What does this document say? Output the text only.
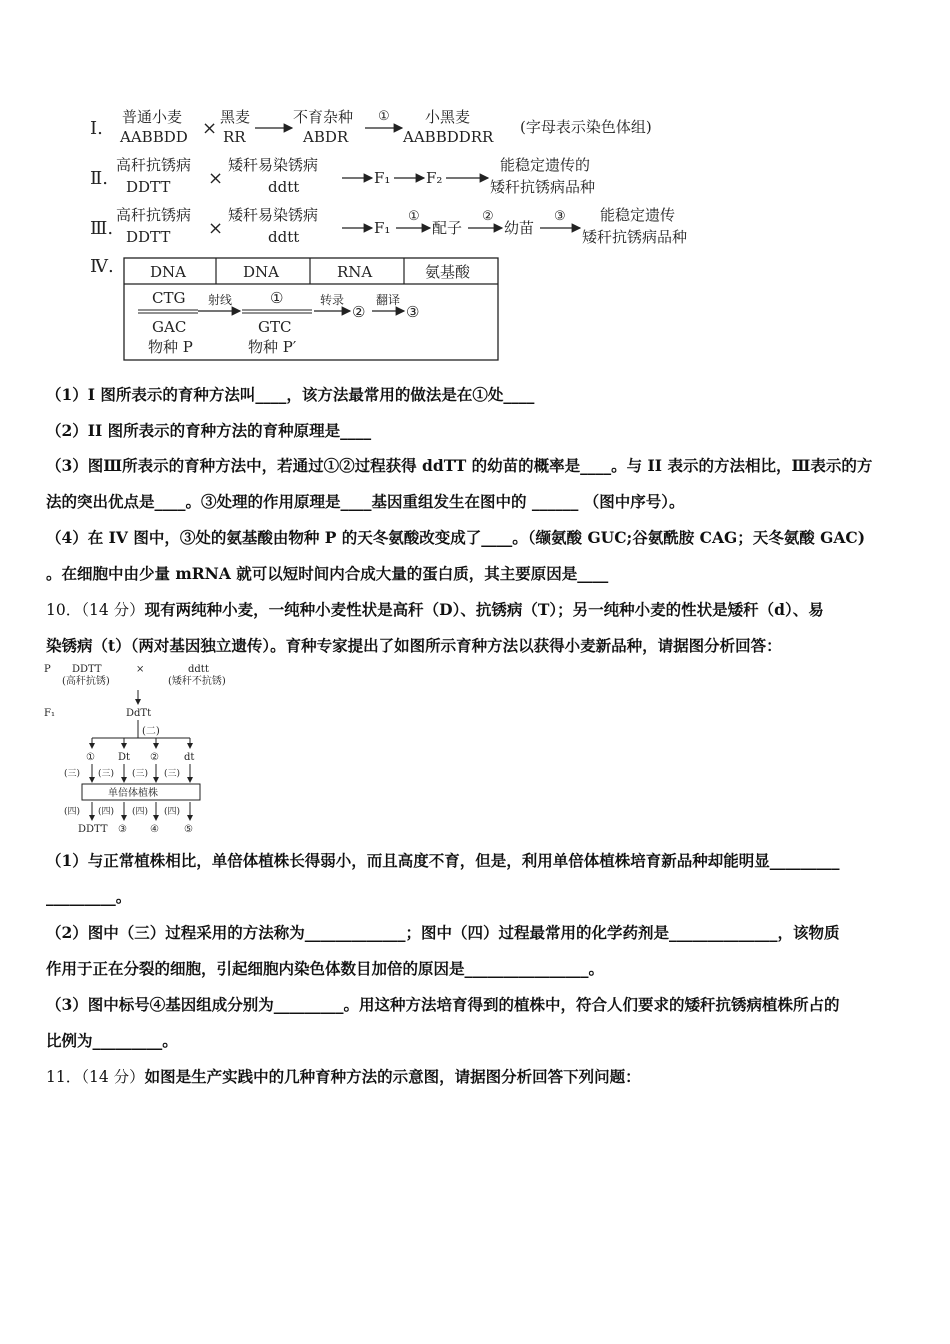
Ⅰ.
普通小麦
AABBDD ×
黑麦
RR
不育杂种
ABDR
① 小黑麦
AABBDDRR
(字母表示染色体组)
Ⅱ.
高秆抗锈病
DDTT ×
矮秆易染锈病
ddtt	F₁ F₂
能稳定遗传的
矮秆抗锈病品种
Ⅲ.
高秆抗锈病
DDTT ×
矮秆易染锈病
ddtt	F₁
①
配子
②
幼苗
③ 能稳定遗传
矮秆抗锈病品种
Ⅳ. DNA	DNA	RNA	氨基酸
CTG
GAC
物种 P
射线	①
GTC
物种 P′
转录
②
翻译
③
（1）I 图所表示的育种方法叫____，该方法最常用的做法是在①处____
（2）II 图所表示的育种方法的育种原理是____
（3）图Ⅲ所表示的育种方法中，若通过①②过程获得 ddTT 的幼苗的概率是____。与 II 表示的方法相比，Ⅲ表示的方
法的突出优点是____。③处理的作用原理是____基因重组发生在图中的 ______ （图中序号）。
（4）在 IV 图中，③处的氨基酸由物种 P 的天冬氨酸改变成了____。（缬氨酸 GUC;谷氨酰胺 CAG；天冬氨酸 GAC)
。在细胞中由少量 mRNA 就可以短时间内合成大量的蛋白质，其主要原因是____
10．（14 分）现有两纯种小麦，一纯种小麦性状是高秆（D）、抗锈病（T）；另一纯种小麦的性状是矮秆（d）、易
染锈病（t）（两对基因独立遗传）。育种专家提出了如图所示育种方法以获得小麦新品种，请据图分析回答：
P DDTT
(高秆抗锈)
×	ddtt
(矮秆不抗锈)
F₁	DdTt
(二)
① Dt ②	dt
(三) (三) (三) (三)
单倍体植株
(四) (四) (四) (四)
DDTT ③ ④	⑤
（1）与正常植株相比，单倍体植株长得弱小，而且高度不育，但是，利用单倍体植株培育新品种却能明显_________
_________。
（2）图中（三）过程采用的方法称为_____________；图中（四）过程最常用的化学药剂是______________，该物质
作用于正在分裂的细胞，引起细胞内染色体数目加倍的原因是________________。
（3）图中标号④基因组成分别为_________。用这种方法培育得到的植株中，符合人们要求的矮秆抗锈病植株所占的
比例为_________。
11．（14 分）如图是生产实践中的几种育种方法的示意图，请据图分析回答下列问题：
